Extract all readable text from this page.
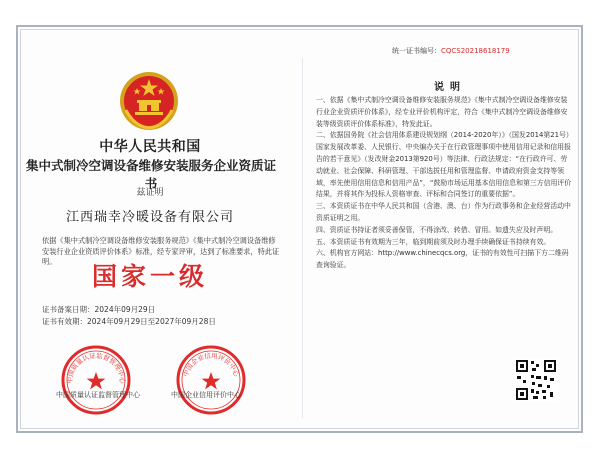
中华人民共和国
集中式制冷空调设备维修安装服务企业资质证书
兹证明
江西瑞幸冷暖设备有限公司
依据《集中式制冷空调设备维修安装服务规范》《集中式制冷空调设备维修安装行业企业资质评价体系》标准，经专家评审，达到了标准要求，特此证明。
国家一级
证书备案日期：2024年09月29日
证书有效期：2024年09月29日至2027年09月28日
中国质量认证监督管理中心
中国企业信用评价中心
中国质量认证监督管理中心	中国企业信用评价中心
统一证书编号：CQCS20218618179
说明

一、依据《集中式制冷空调设备维修安装服务规范》《集中式制冷空调设备维修安装行业企业资质评价体系》，经专业评价机构评定，符合《集中式制冷空调设备维修安装等级资质评价体系标准》，特发此证。

二、依据国务院《社会信用体系建设规划纲（2014-2020年）》（国发2014第21号）国家发展改革委、人民银行、中央编办关于在行政管理事项中使用信用记录和信用报告的若干意见》（发改财金2013第920号）等法律、行政法规定：“在行政许可、劳动就业、社会保障、科研管理、干部选拔任用和管理监督、申请政府资金支持等领域，率先使用信用信息和信用产品”，“鼓励市场运用基本信用信息和第三方信用评价结果，并将其作为投标人资格审查、评标和合同签订的重要依据”。

三、本资质证书在中华人民共和国（含港、澳、台）作为行政事务和企业经营活动中资质证明之用。

四、资质证书持证者须妥善保管，不得涂改、转借、冒用。如遗失应及时声明。

五、本资质证书有效期为三年，临到期前须及时办理手续确保证书持续有效。

六、机构官方网站：http://www.chinecqcs.org，证书的有效性可扫描下方二维码查询验证。
